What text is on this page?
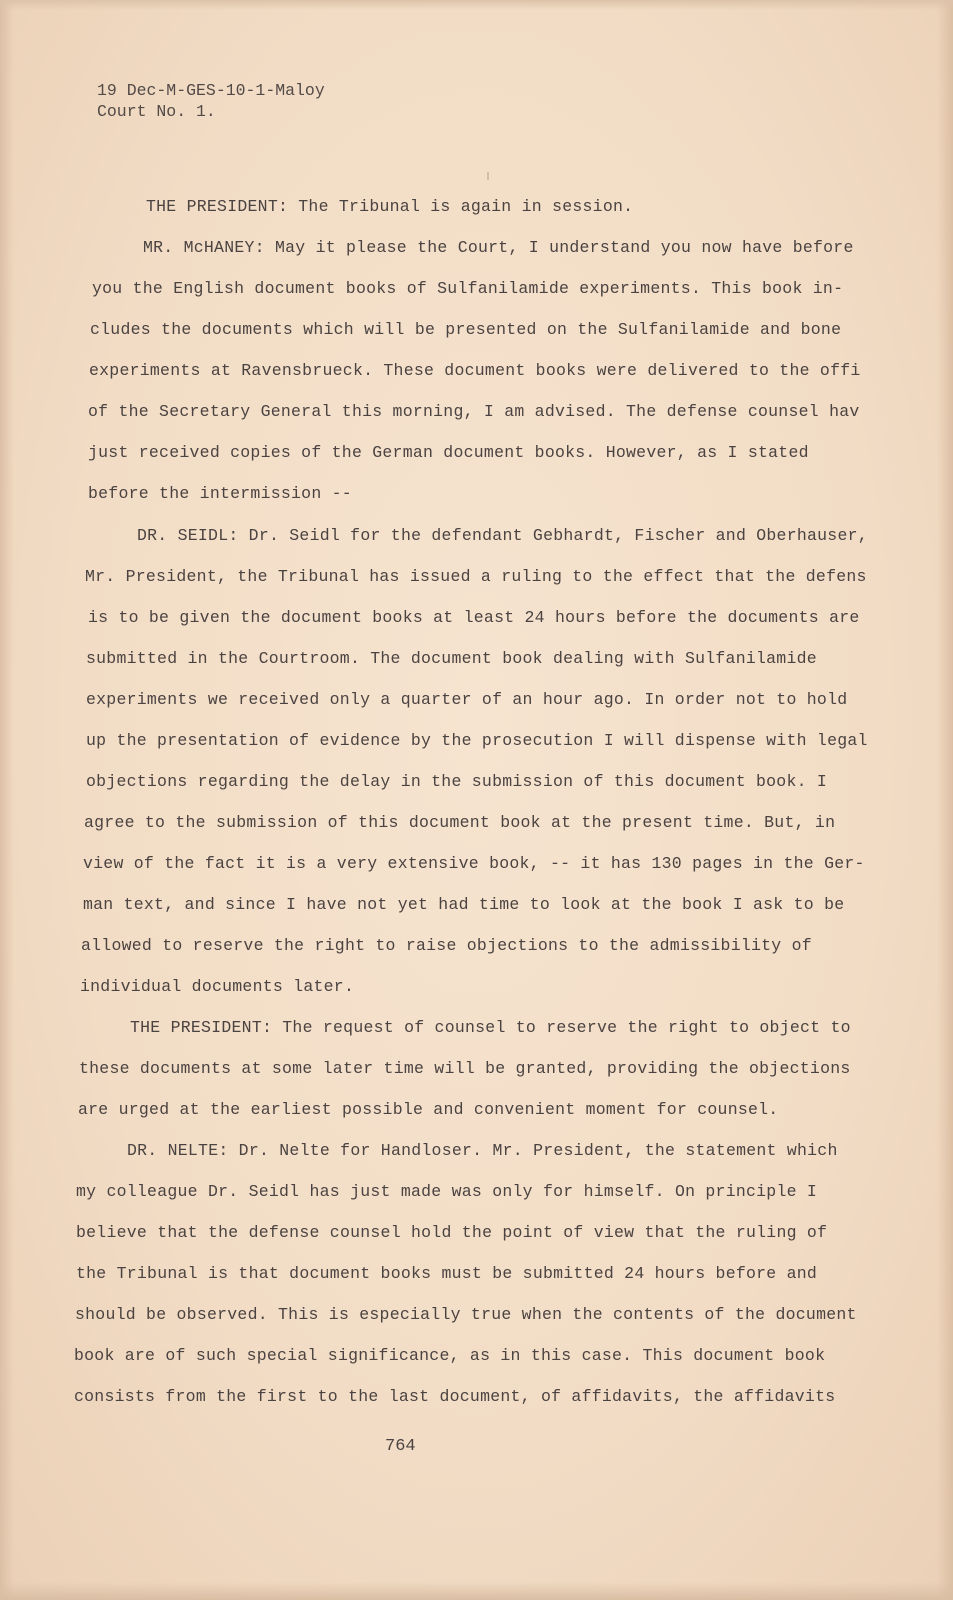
19 Dec-M-GES-10-1-Maloy
Court No. 1.
THE PRESIDENT: The Tribunal is again in session.
MR. McHANEY: May it please the Court, I understand you now have before
you the English document books of Sulfanilamide experiments. This book in-
cludes the documents which will be presented on the Sulfanilamide and bone
experiments at Ravensbrueck. These document books were delivered to the offi
of the Secretary General this morning, I am advised. The defense counsel hav
just received copies of the German document books. However, as I stated
before the intermission --
DR. SEIDL: Dr. Seidl for the defendant Gebhardt, Fischer and Oberhauser,
Mr. President, the Tribunal has issued a ruling to the effect that the defens
is to be given the document books at least 24 hours before the documents are
submitted in the Courtroom. The document book dealing with Sulfanilamide
experiments we received only a quarter of an hour ago. In order not to hold
up the presentation of evidence by the prosecution I will dispense with legal
objections regarding the delay in the submission of this document book. I
agree to the submission of this document book at the present time. But, in
view of the fact it is a very extensive book, -- it has 130 pages in the Ger-
man text, and since I have not yet had time to look at the book I ask to be
allowed to reserve the right to raise objections to the admissibility of
individual documents later.
THE PRESIDENT: The request of counsel to reserve the right to object to
these documents at some later time will be granted, providing the objections
are urged at the earliest possible and convenient moment for counsel.
DR. NELTE: Dr. Nelte for Handloser. Mr. President, the statement which
my colleague Dr. Seidl has just made was only for himself. On principle I
believe that the defense counsel hold the point of view that the ruling of
the Tribunal is that document books must be submitted 24 hours before and
should be observed. This is especially true when the contents of the document
book are of such special significance, as in this case. This document book
consists from the first to the last document, of affidavits, the affidavits
764
